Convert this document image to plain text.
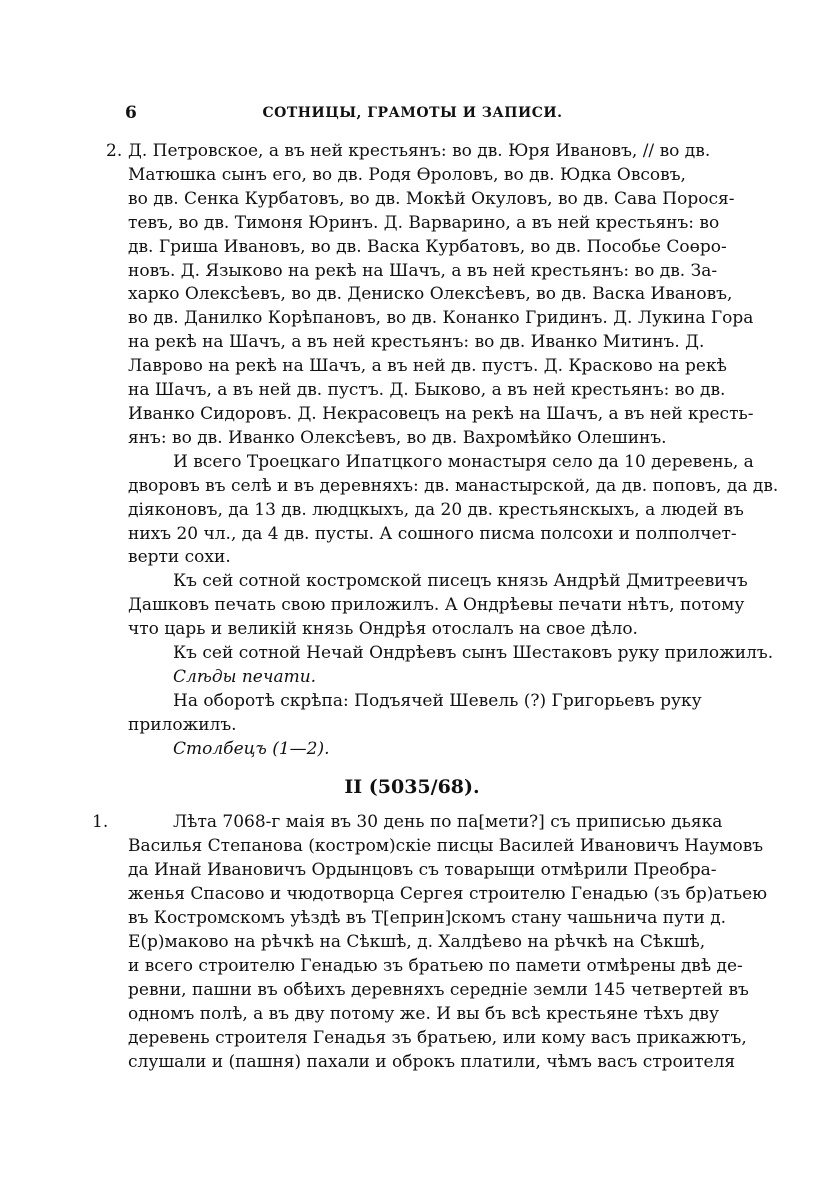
6	СОТНИЦЫ, ГРАМОТЫ И ЗАПИСИ.
2. Д. Петровское, а въ ней крестьянъ: во дв. Юря Ивановъ, // во дв.
Матюшка сынъ его, во дв. Родя Ѳроловъ, во дв. Юдка Овсовъ,
во дв. Сенка Курбатовъ, во дв. Мокѣй Окуловъ, во дв. Сава Порося-
тевъ, во дв. Тимоня Юринъ. Д. Варварино, а въ ней крестьянъ: во
дв. Гриша Ивановъ, во дв. Васка Курбатовъ, во дв. Пособье Соөро-
новъ. Д. Языково на рекѣ на Шачъ, а въ ней крестьянъ: во дв. За-
харко Олексѣевъ, во дв. Дениско Олексѣевъ, во дв. Васка Ивановъ,
во дв. Данилко Корѣпановъ, во дв. Конанко Гридинъ. Д. Лукина Гора
на рекѣ на Шачъ, а въ ней крестьянъ: во дв. Иванко Митинъ. Д.
Лаврово на рекѣ на Шачъ, а въ ней дв. пустъ. Д. Красково на рекѣ
на Шачъ, а въ ней дв. пустъ. Д. Быково, а въ ней крестьянъ: во дв.
Иванко Сидоровъ. Д. Некрасовецъ на рекѣ на Шачъ, а въ ней кресть-
янъ: во дв. Иванко Олексѣевъ, во дв. Вахромѣйко Олешинъ.
И всего Троецкаго Ипатцкого монастыря село да 10 деревень, а
дворовъ въ селѣ и въ деревняхъ: дв. манастырской, да дв. поповъ, да дв.
діяконовъ, да 13 дв. людцкыхъ, да 20 дв. крестьянскыхъ, а людей въ
нихъ 20 чл., да 4 дв. пусты. А сошногo писма полсохи и полполчет-
верти сохи.
Къ сей сотной костромской писецъ князь Андрѣй Дмитреевичъ
Дашковъ печать свою приложилъ. А Ондрѣевы печати нѣтъ, потому
что царь и великій князь Ондрѣя отослалъ на свое дѣло.
Къ сей сотной Нечай Ондрѣевъ сынъ Шестаковъ руку приложилъ.
Слѣды печати.
На оборотѣ скрѣпа: Подъячей Шевель (?) Григорьевъ руку
приложилъ.
Столбецъ (1—2).
II (5035/68).
1.	Лѣта 7068-г маія въ 30 день по па[мети?] съ приписью дьяка
Василья Степанова (костром)скіе писцы Василей Ивановичъ Наумовъ
да Инай Ивановичъ Ордынцовъ съ товарыщи отмѣрили Преобра-
женья Спасово и чюдотворца Сергея строителю Генадью (зъ бр)атьею
въ Костромскомъ уѣздѣ въ Т[еприн]скомъ стану чашьнича пути д.
Е(р)маково на рѣчкѣ на Сѣкшѣ, д. Халдѣево на рѣчкѣ на Сѣкшѣ,
и всего строителю Генадью зъ братьею по памети отмѣрены двѣ де-
ревни, пашни въ обѣихъ деревняхъ середніе земли 145 четвертей въ
одномъ полѣ, а въ дву потому же. И вы бъ всѣ крестьяне тѣхъ дву
деревень строителя Генадья зъ братьею, или кому васъ прикажютъ,
слушали и (пашня) пахали и оброкъ платили, чѣмъ васъ строителя
